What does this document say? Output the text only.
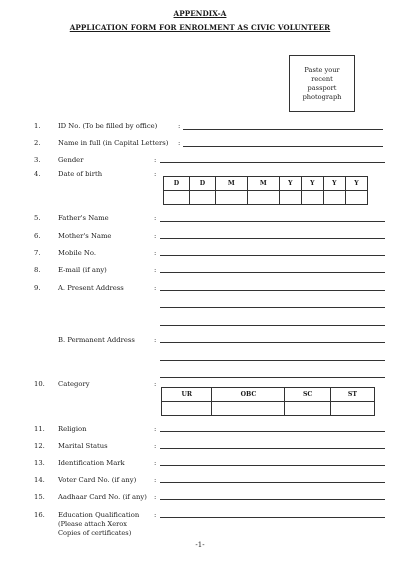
APPENDIX-A
APPLICATION FORM FOR ENROLMENT AS CIVIC VOLUNTEER
Paste your
recent
passport
photograph
1.	ID No. (To be filled by office)	:
2.	Name in full (in Capital Letters) :
3.	Gender	:
4.	Date of birth	:
D	D	M	M	Y	Y	Y	Y

5.	Father's Name	:
6.	Mother's Name	:
7.	Mobile No.	:
8.	E-mail (if any)	:
9.	A. Present Address	:
B. Permanent Address	:
10. Category	:
UR	OBC	SC	ST

11. Religion	:
12. Marital Status	:
13. Identification Mark	:
14. Voter Card No. (if any)	:
15. Aadhaar Card No. (if any) :
16. Education Qualification :
(Please attach Xerox
Copies of certificates)
-1-
